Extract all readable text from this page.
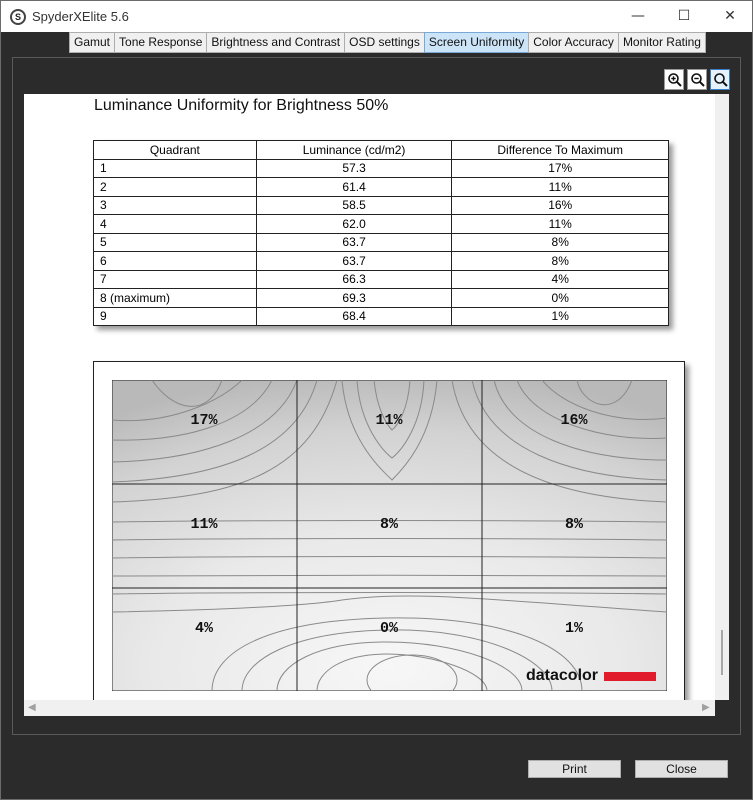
S SpyderXElite 5.6	—	☐	✕
Gamut Tone Response Brightness and Contrast OSD settings Screen Uniformity Color Accuracy Monitor Rating
Luminance Uniformity for Brightness 50%
Quadrant	Luminance (cd/m2)	Difference To Maximum
1	57.3	17%
2	61.4	11%
3	58.5	16%
4	62.0	11%
5	63.7	8%
6	63.7	8%
7	66.3	4%
8 (maximum)	69.3	0%
9	68.4	1%
17%	11%	16%
11%	8%	8%
4%	0%	1%
datacolor
◀	▶
Print	Close
